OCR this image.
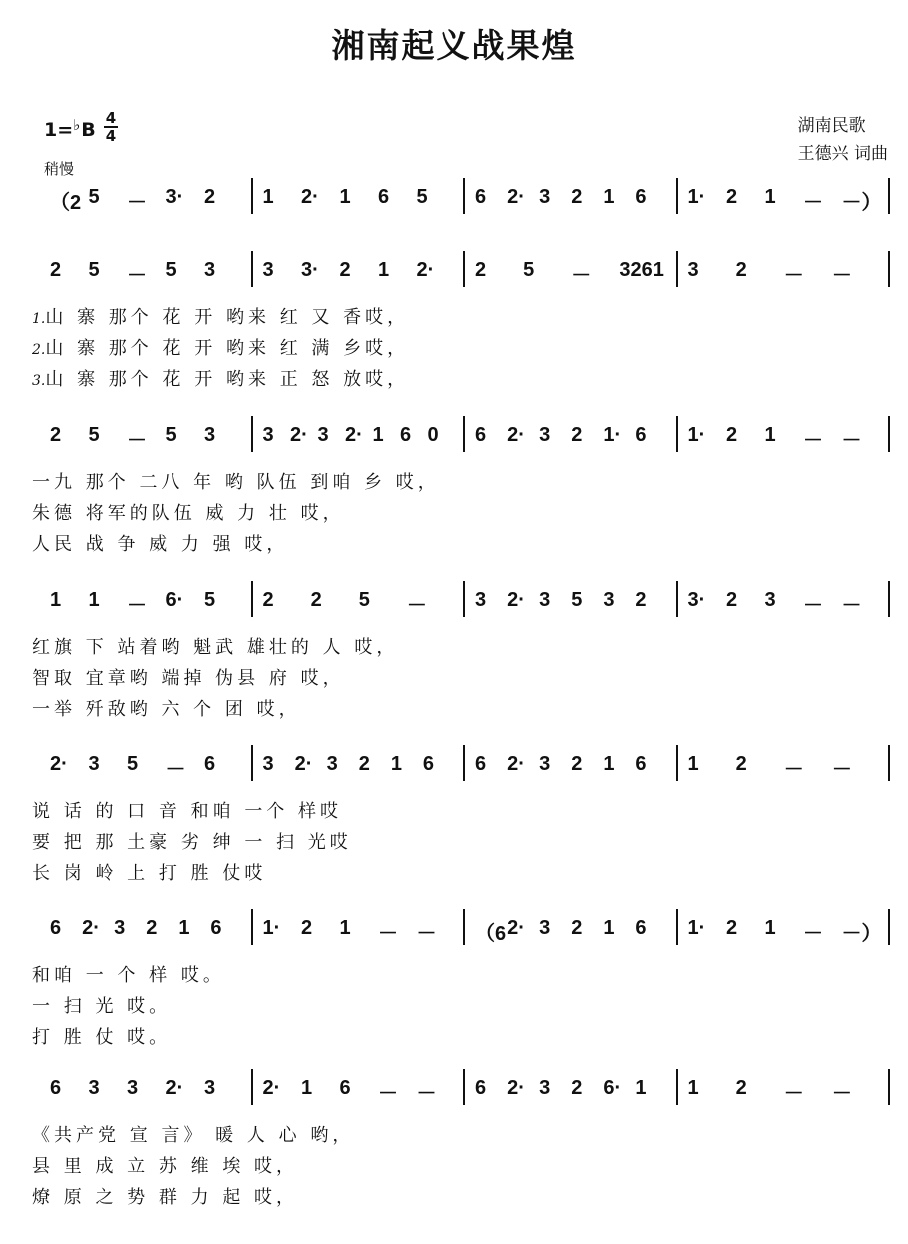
湘南起义战果煌
湖南民歌
王德兴 词曲
1=♭B
4
4
稍慢
（2 5	－ 3·	2	1	2·	1	6	5	6	2· 3	2	1	6	1·	2	1	－ －）
2	5	－ 5	3	3	3·	2	1	2·	2	5	－	3261 3	2	－	－
1.山 寨 那个 花 开 哟来 红 又 香哎，
2.山 寨 那个 花 开 哟来 红 满 乡哎，
3.山 寨 那个 花 开 哟来 正 怒 放哎，
2	5	－ 5	3	3 2· 3 2· 1 6 0	6	2· 3	2	1· 6	1·	2	1	－ －
一九 那个 二八 年 哟 队伍 到咱 乡 哎，
朱德 将军的队伍 威 力 壮 哎，
人民 战 争 威 力 强 哎，
1	1	－ 6·	5	2	2	5	－	3	2· 3	5	3	2	3·	2	3	－ －
红旗 下 站着哟 魁武 雄壮的 人 哎，
智取 宜章哟 端掉 伪县 府 哎，
一举 歼敌哟 六 个 团 哎，
2·	3	5	－ 6	3	2· 3	2	1	6	6	2· 3	2	1	6	1	2	－	－
说 话 的 口 音 和咱 一个 样哎
要 把 那 土豪 劣 绅 一 扫 光哎
长 岗 岭 上 打 胜 仗哎
6	2· 3	2	1	6	1·	2	1	－ －	（6 2· 3	2	1	6	1·	2	1	－ －）
和咱 一 个 样 哎。
一 扫 光 哎。
打 胜 仗 哎。
6	3	3	2·	3	2·	1	6	－ －	6	2· 3	2	6· 1	1	2	－	－
《共产党 宣 言》 暖 人 心 哟，
县 里 成 立 苏 维 埃 哎，
燎 原 之 势 群 力 起 哎，
